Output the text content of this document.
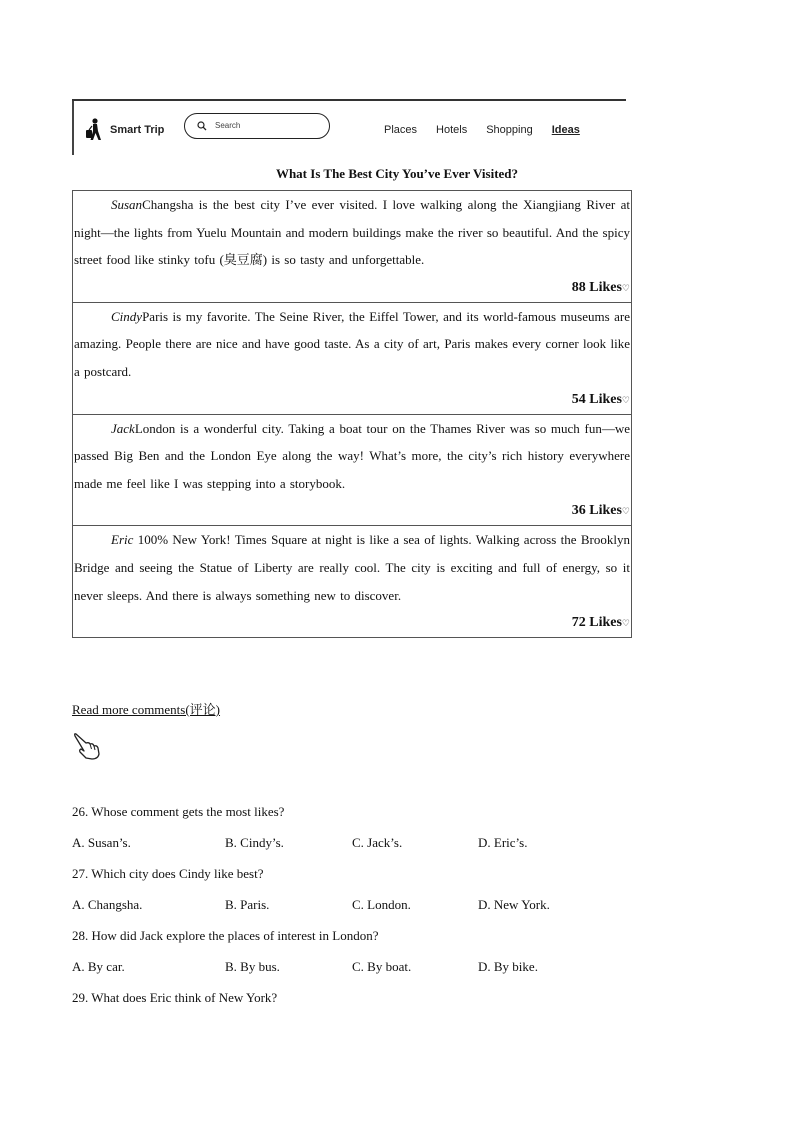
Smart Trip	Search	Places Hotels Shopping Ideas
What Is The Best City You’ve Ever Visited?

SusanChangsha is the best city I’ve ever visited. I love walking along the Xiangjiang River at night—the lights from Yuelu Mountain and modern buildings make the river so beautiful. And the spicy street food like stinky tofu (臭豆腐) is so tasty and unforgettable.

88 Likes♡

CindyParis is my favorite. The Seine River, the Eiffel Tower, and its world-famous museums are amazing. People there are nice and have good taste. As a city of art, Paris makes every corner look like a postcard.

54 Likes♡

JackLondon is a wonderful city. Taking a boat tour on the Thames River was so much fun—we passed Big Ben and the London Eye along the way! What’s more, the city’s rich history everywhere made me feel like I was stepping into a storybook.

36 Likes♡

Eric 100% New York! Times Square at night is like a sea of lights. Walking across the Brooklyn Bridge and seeing the Statue of Liberty are really cool. The city is exciting and full of energy, so it never sleeps. And there is always something new to discover.

72 Likes♡
Read more comments(评论)
26. Whose comment gets the most likes?
A. Susan’s.	B. Cindy’s.	C. Jack’s.	D. Eric’s.
27. Which city does Cindy like best?
A. Changsha.	B. Paris.	C. London.	D. New York.
28. How did Jack explore the places of interest in London?
A. By car.	B. By bus.	C. By boat.	D. By bike.
29. What does Eric think of New York?
